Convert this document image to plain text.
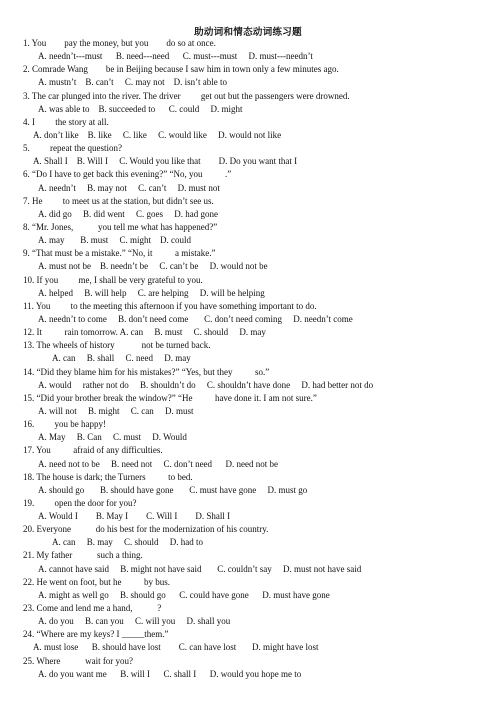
助动词和情态动词练习题
1. You        pay the money, but you        do so at once.
A. needn’t---must      B. need---need      C. must---must     D. must---needn’t
2. Comrade Wang        be in Beijing because I saw him in town only a few minutes ago.
A. mustn’t    B. can’t     C. may not    D. isn’t able to
3. The car plunged into the river. The driver         get out but the passengers were drowned.
A. was able to    B. succeeded to      C. could     D. might
4. I         the story at all.
A. don’t like    B. like     C. like     C. would like     D. would not like
5.         repeat the question?
A. Shall I    B. Will I     C. Would you like that        D. Do you want that I
6. “Do I have to get back this evening?” “No, you          .”
A. needn’t     B. may not     C. can’t     D. must not
7. He         to meet us at the station, but didn’t see us.
A. did go     B. did went     C. goes     D. had gone
8. “Mr. Jones,           you tell me what has happened?”
A. may       B. must     C. might    D. could
9. “That must be a mistake.” “No, it          a mistake.”
A. must not be    B. needn’t be     C. can’t be     D. would not be
10. If you         me, I shall be very grateful to you.
A. helped     B. will help     C. are helping     D. will be helping
11. You         to the meeting this afternoon if you have something important to do.
A. needn’t to come     B. don’t need come       C. don’t need coming     D. needn’t come
12. It          rain tomorrow. A. can     B. must     C. should     D. may
13. The wheels of history            not be turned back.
A. can     B. shall     C. need     D. may
14. “Did they blame him for his mistakes?” “Yes, but they          so.”
A. would     rather not do     B. shouldn’t do     C. shouldn’t have done     D. had better not do
15. “Did your brother break the window?” “He          have done it. I am not sure.”
A. will not     B. might     C. can     D. must
16.         you be happy!
A. May     B. Can     C. must     D. Would
17. You          afraid of any difficulties.
A. need not to be     B. need not     C. don’t need      D. need not be
18. The house is dark; the Turners          to bed.
A. should go       B. should have gone       C. must have gone     D. must go
19.         open the door for you?
A. Would I        B. May I        C. Will I        D. Shall I
20. Everyone           do his best for the modernization of his country.
A. can     B. may     C. should     D. had to
21. My father           such a thing.
A. cannot have said     B. might not have said       C. couldn’t say     D. must not have said
22. He went on foot, but he          by bus.
A. might as well go     B. should go      C. could have gone      D. must have gone
23. Come and lend me a hand,           ?
A. do you     B. can you     C. will you     D. shall you
24. “Where are my keys? I _____them.”
A. must lose      B. should have lost        C. can have lost       D. might have lost
25. Where           wait for you?
A. do you want me      B. will I      C. shall I      D. would you hope me to
